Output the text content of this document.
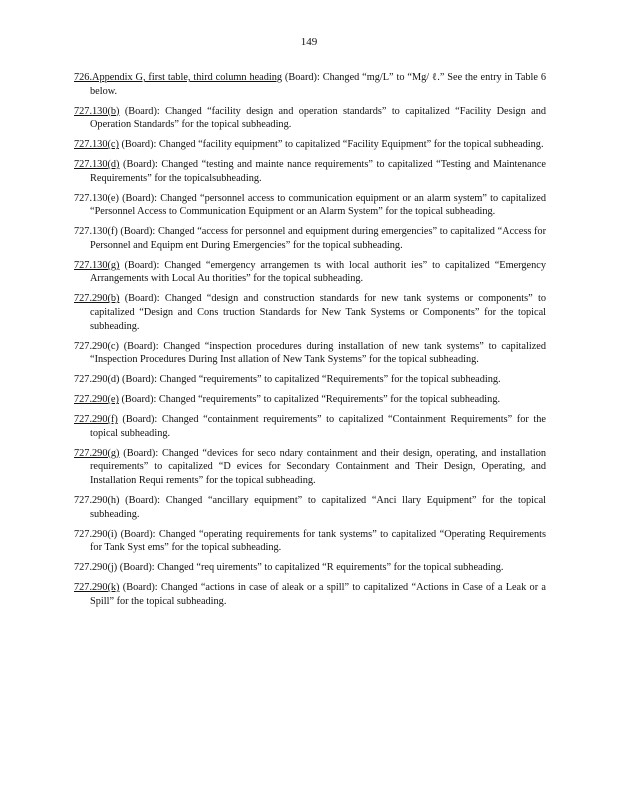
149

726.Appendix G, first table, third column heading (Board): Changed “mg/L” to “Mg/ ℓ.” See the entry in Table 6 below.

727.130(b) (Board): Changed “facility design and operation standards” to capitalized “Facility Design and Operation Standards” for the topical subheading.

727.130(c) (Board): Changed “facility equipment” to capitalized “Facility Equipment” for the topical subheading.

727.130(d) (Board): Changed “testing and mainte nance requirements” to capitalized “Testing and Maintenance Requirements” for the topicalsubheading.

727.130(e) (Board): Changed “personnel access to communication equipment or an alarm system” to capitalized “Personnel Access to Communication Equipment or an Alarm System” for the topical subheading.

727.130(f) (Board): Changed “access for personnel and equipment during emergencies” to capitalized “Access for Personnel and Equipm ent During Emergencies” for the topical subheading.

727.130(g) (Board): Changed “emergency arrangemen ts with local authorit ies” to capitalized “Emergency Arrangements with Local Au thorities” for the topical subheading.

727.290(b) (Board): Changed “design and construction standards for new tank systems or components” to capitalized “Design and Cons truction Standards for New Tank Systems or Components” for the topical subheading.

727.290(c) (Board): Changed “inspection procedures during installation of new tank systems” to capitalized “Inspection Procedures During Inst allation of New Tank Systems” for the topical subheading.

727.290(d) (Board): Changed “requirements” to capitalized “Requirements” for the topical subheading.

727.290(e) (Board): Changed “requirements” to capitalized “Requirements” for the topical subheading.

727.290(f) (Board): Changed “containment requirements” to capitalized “Containment Requirements” for the topical subheading.

727.290(g) (Board): Changed “devices for seco ndary containment and their design, operating, and installation requirements” to capitalized “D evices for Secondary Containment and Their Design, Operating, and Installation Requi rements” for the topical subheading.

727.290(h) (Board): Changed “ancillary equipment” to capitalized “Anci llary Equipment” for the topical subheading.

727.290(i) (Board): Changed “operating requirements for tank systems” to capitalized “Operating Requirements for Tank Syst ems” for the topical subheading.

727.290(j) (Board): Changed “req uirements” to capitalized “R equirements” for the topical subheading.

727.290(k) (Board): Changed “actions in case of aleak or a spill” to capitalized “Actions in Case of a Leak or a Spill” for the topical subheading.
